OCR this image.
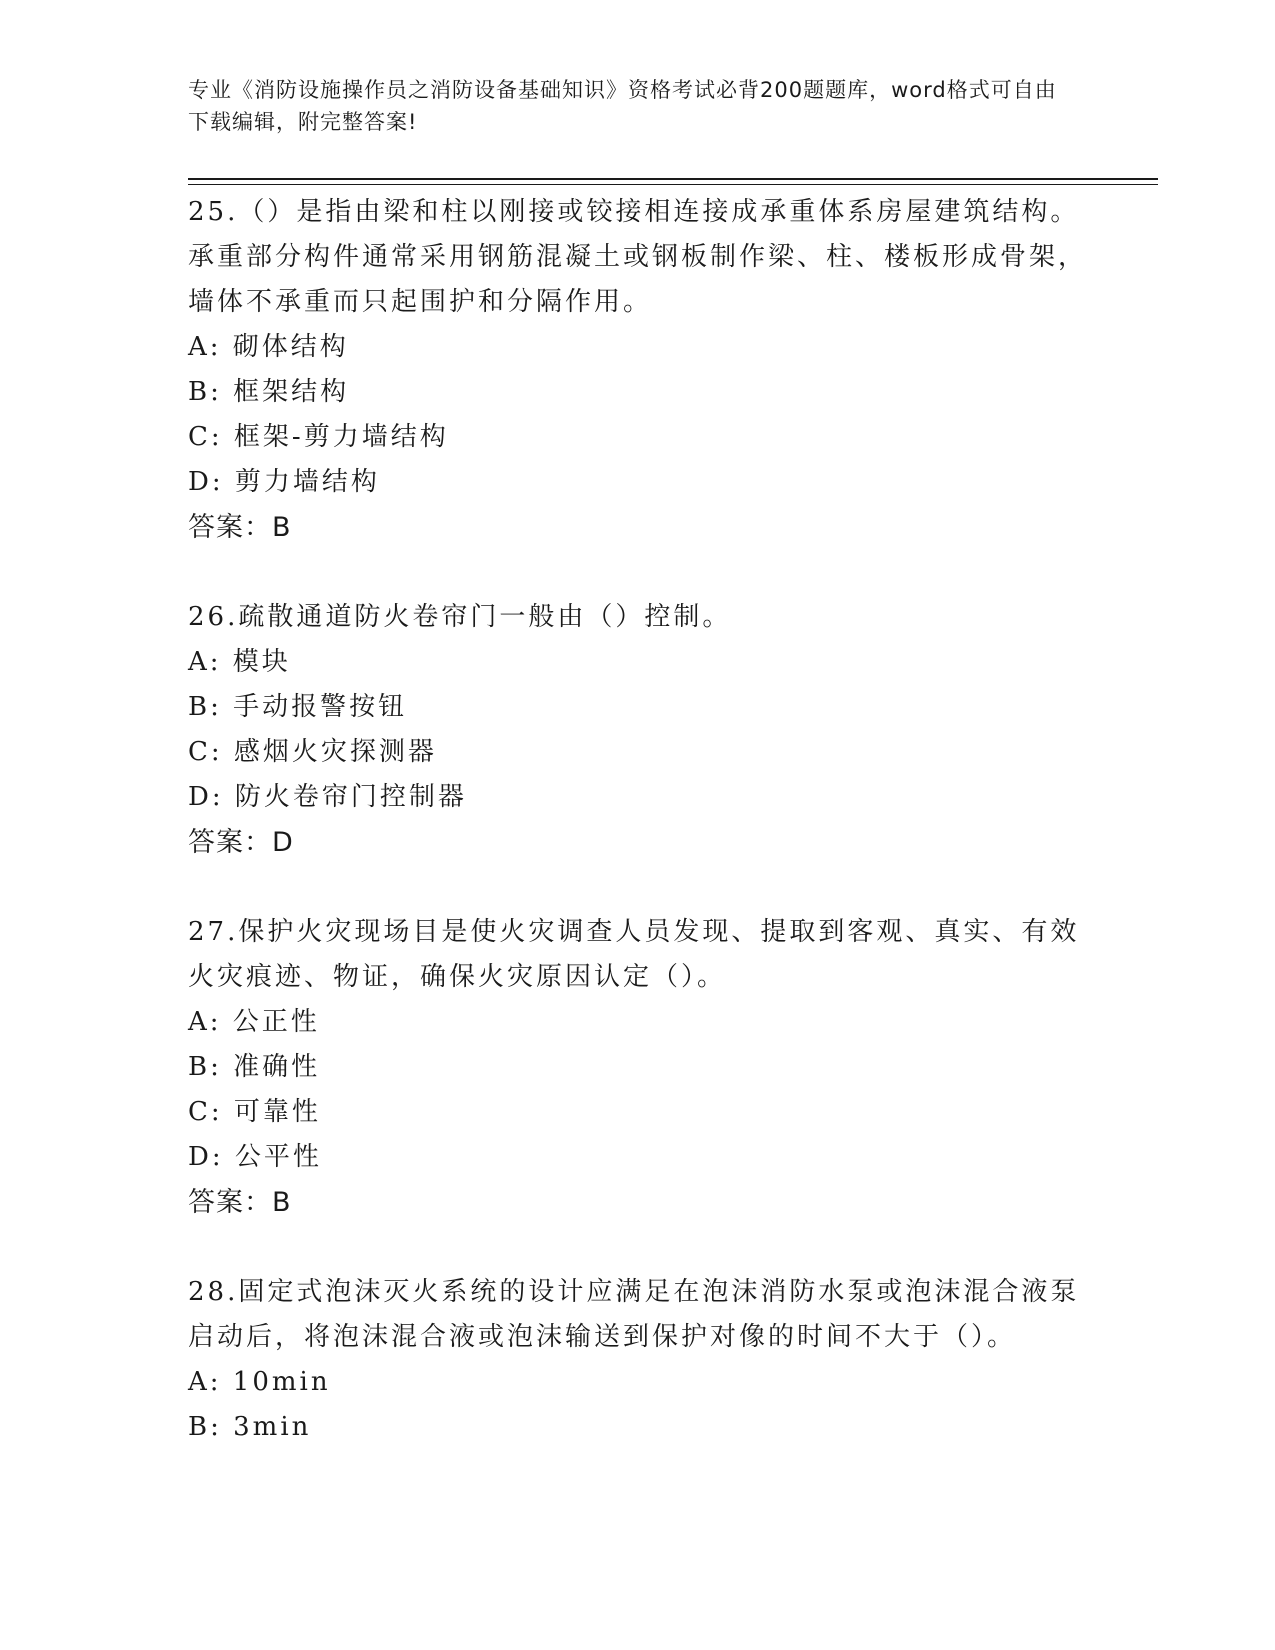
专业《消防设施操作员之消防设备基础知识》资格考试必背200题题库，word格式可自由下载编辑，附完整答案!

25.（）是指由梁和柱以刚接或铰接相连接成承重体系房屋建筑结构。承重部分构件通常采用钢筋混凝土或钢板制作梁、柱、楼板形成骨架，墙体不承重而只起围护和分隔作用。

A: 砌体结构

B: 框架结构

C: 框架-剪力墙结构

D: 剪力墙结构

答案：B

26.疏散通道防火卷帘门一般由（）控制。

A: 模块

B: 手动报警按钮

C: 感烟火灾探测器

D: 防火卷帘门控制器

答案：D

27.保护火灾现场目是使火灾调查人员发现、提取到客观、真实、有效火灾痕迹、物证，确保火灾原因认定（）。

A: 公正性

B: 准确性

C: 可靠性

D: 公平性

答案：B

28.固定式泡沫灭火系统的设计应满足在泡沫消防水泵或泡沫混合液泵启动后，将泡沫混合液或泡沫输送到保护对像的时间不大于（）。

A: 10min

B: 3min
